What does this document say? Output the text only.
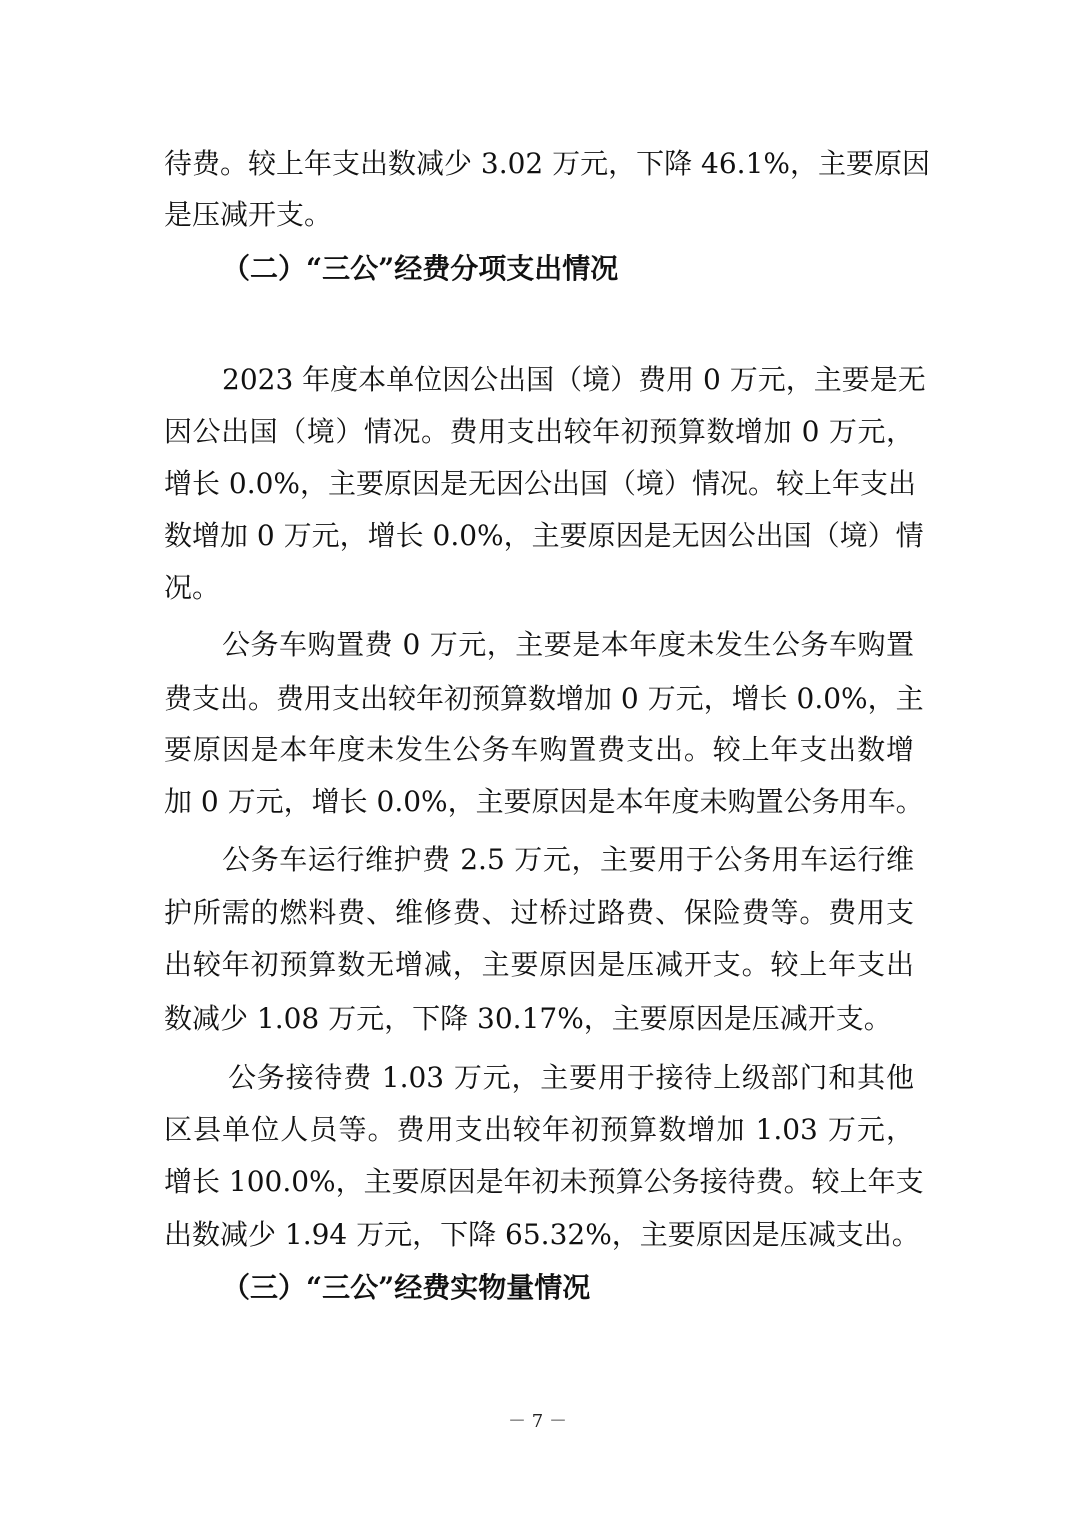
待费。较上年支出数减少 3.02 万元，下降 46.1%，主要原因
是压减开支。
（二）“三公”经费分项支出情况
2023 年度本单位因公出国（境）费用 0 万元，主要是无
因公出国（境）情况。费用支出较年初预算数增加 0 万元，
增长 0.0%，主要原因是无因公出国（境）情况。较上年支出
数增加 0 万元，增长 0.0%，主要原因是无因公出国（境）情
况。
公务车购置费 0 万元，主要是本年度未发生公务车购置
费支出。费用支出较年初预算数增加 0 万元，增长 0.0%，主
要原因是本年度未发生公务车购置费支出。较上年支出数增
加 0 万元，增长 0.0%，主要原因是本年度未购置公务用车。
公务车运行维护费 2.5 万元，主要用于公务用车运行维
护所需的燃料费、维修费、过桥过路费、保险费等。费用支
出较年初预算数无增减，主要原因是压减开支。较上年支出
数减少 1.08 万元，下降 30.17%，主要原因是压减开支。
公务接待费 1.03 万元，主要用于接待上级部门和其他
区县单位人员等。费用支出较年初预算数增加 1.03 万元，
增长 100.0%，主要原因是年初未预算公务接待费。较上年支
出数减少 1.94 万元，下降 65.32%，主要原因是压减支出。
（三）“三公”经费实物量情况
－ 7 －
